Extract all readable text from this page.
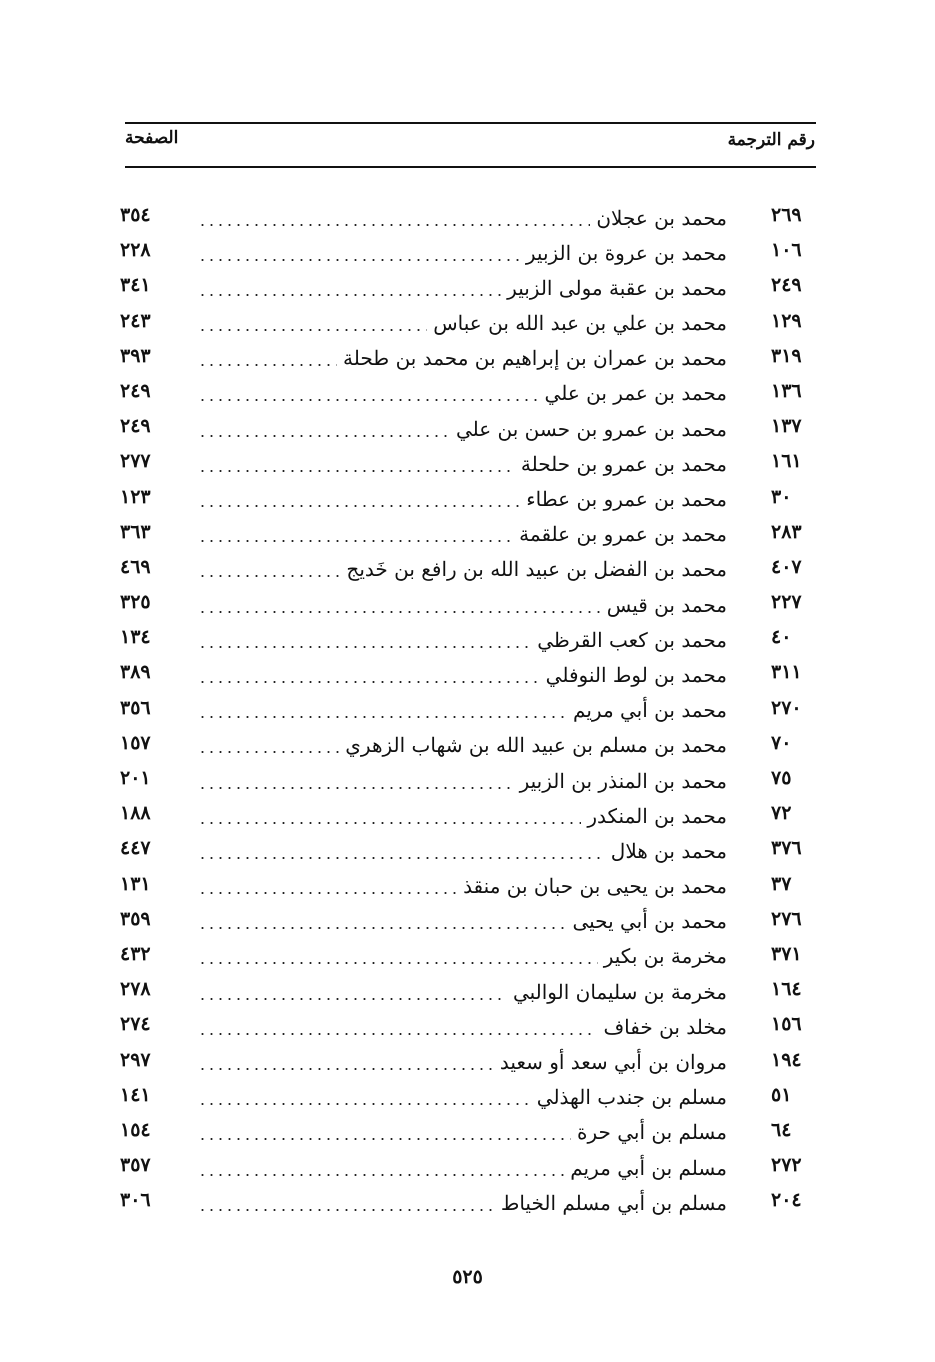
رقم الترجمة
الصفحة
٢٦٩
محمد بن عجلان
٣٥٤
١٠٦
محمد بن عروة بن الزبير
٢٢٨
٢٤٩
محمد بن عقبة مولى الزبير
٣٤١
١٢٩
محمد بن علي بن عبد الله بن عباس
٢٤٣
٣١٩
محمد بن عمران بن إبراهيم بن محمد بن طحلة
٣٩٣
١٣٦
محمد بن عمر بن علي
٢٤٩
١٣٧
محمد بن عمرو بن حسن بن علي
٢٤٩
١٦١
محمد بن عمرو بن حلحلة
٢٧٧
٣٠
محمد بن عمرو بن عطاء
١٢٣
٢٨٣
محمد بن عمرو بن علقمة
٣٦٣
٤٠٧
محمد بن الفضل بن عبيد الله بن رافع بن خَديج
٤٦٩
٢٢٧
محمد بن قيس
٣٢٥
٤٠
محمد بن كعب القرظي
١٣٤
٣١١
محمد بن لوط النوفلي
٣٨٩
٢٧٠
محمد بن أبي مريم
٣٥٦
٧٠
محمد بن مسلم بن عبيد الله بن شهاب الزهري
١٥٧
٧٥
محمد بن المنذر بن الزبير
٢٠١
٧٢
محمد بن المنكدر
١٨٨
٣٧٦
محمد بن هلال
٤٤٧
٣٧
محمد بن يحيى بن حبان بن منقذ
١٣١
٢٧٦
محمد بن أبي يحيى
٣٥٩
٣٧١
مخرمة بن بكير
٤٣٢
١٦٤
مخرمة بن سليمان الوالبي
٢٧٨
١٥٦
مخلد بن خفاف
٢٧٤
١٩٤
مروان بن أبي سعد أو سعيد
٢٩٧
٥١
مسلم بن جندب الهذلي
١٤١
٦٤
مسلم بن أبي حرة
١٥٤
٢٧٢
مسلم بن أبي مريم
٣٥٧
٢٠٤
مسلم بن أبي مسلم الخياط
٣٠٦
٥٢٥
